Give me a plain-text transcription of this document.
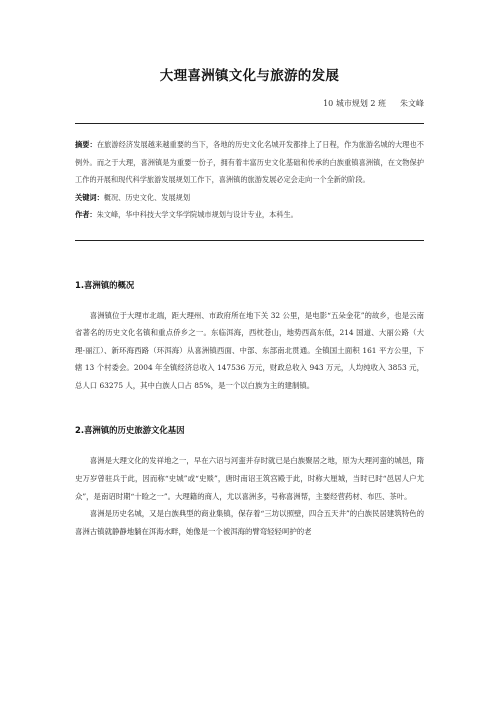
大理喜洲镇文化与旅游的发展
10 城市规划 2 班 朱文峰
摘要：在旅游经济发展越来越重要的当下，各地的历史文化名城开发都排上了日程，作为旅游名城的大理也不例外。而之于大理，喜洲镇是为重要一份子，拥有着丰富历史文化基础和传承的白族重镇喜洲镇，在文物保护工作的开展和现代科学旅游发展规划工作下，喜洲镇的旅游发展必定会走向一个全新的阶段。
关键词：概况、历史文化、发展规划
作者：朱文峰，华中科技大学文华学院城市规划与设计专业，本科生。
1.喜洲镇的概况

喜洲镇位于大理市北端，距大理州、市政府所在地下关 32 公里，是电影“五朵金花”的故乡，也是云南省著名的历史文化名镇和重点侨乡之一。东临洱海，西枕苍山，地势西高东低，214 国道、大丽公路（大理-丽江）、新环海西路（环洱海）从喜洲镇西面、中部、东部南北贯通。全镇国土面积 161 平方公里，下辖 13 个村委会。2004 年全镇经济总收入 147536 万元，财政总收入 943 万元，人均纯收入 3853 元，总人口 63275 人，其中白族人口占 85%，是一个以白族为主的建制镇。

2.喜洲镇的历史旅游文化基因

喜洲是大理文化的发祥地之一，早在六诏与河蛮并存时就已是白族聚居之地，原为大理河蛮的城邑，隋史万岁曾驻兵于此，因而称“史城”或“史赕”，唐时南诏王筑宫殿于此，时称大厘城，当时已时“邑居人户尤众”，是南诏时期“十睑之一”。大理籍的商人，尤以喜洲多，号称喜洲帮，主要经营药材、布匹、茶叶。

喜洲是历史名城，又是白族典型的商业集镇，保存着“三坊以照壁，四合五天井”的白族民居建筑特色的喜洲古镇就静静地躺在洱海水畔，她像是一个被洱海的臂弯轻轻呵护的老
